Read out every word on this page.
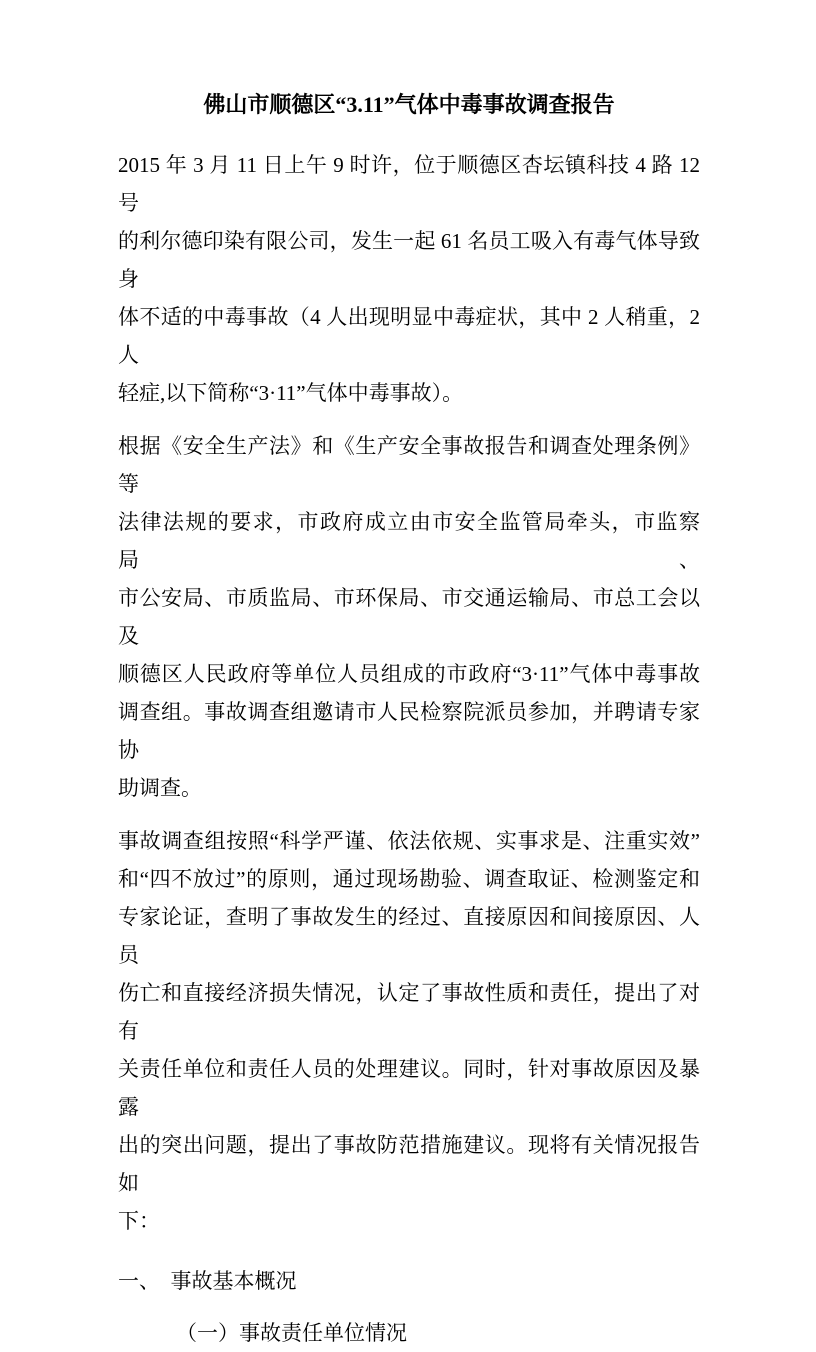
佛山市顺德区“3.11”气体中毒事故调查报告
2015 年 3 月 11 日上午 9 时许，位于顺德区杏坛镇科技 4 路 12 号
的利尔德印染有限公司，发生一起 61 名员工吸入有毒气体导致身
体不适的中毒事故（4 人出现明显中毒症状，其中 2 人稍重，2 人
轻症,以下简称“3·11”气体中毒事故）。
根据《安全生产法》和《生产安全事故报告和调查处理条例》等
法律法规的要求，市政府成立由市安全监管局牵头，市监察局、
市公安局、市质监局、市环保局、市交通运输局、市总工会以及
顺德区人民政府等单位人员组成的市政府“3·11”气体中毒事故
调查组。事故调查组邀请市人民检察院派员参加，并聘请专家协
助调查。
事故调查组按照“科学严谨、依法依规、实事求是、注重实效”
和“四不放过”的原则，通过现场勘验、调查取证、检测鉴定和
专家论证，查明了事故发生的经过、直接原因和间接原因、人员
伤亡和直接经济损失情况，认定了事故性质和责任，提出了对有
关责任单位和责任人员的处理建议。同时，针对事故原因及暴露
出的突出问题，提出了事故防范措施建议。现将有关情况报告如
下：
一、　事故基本概况
（一）事故责任单位情况
